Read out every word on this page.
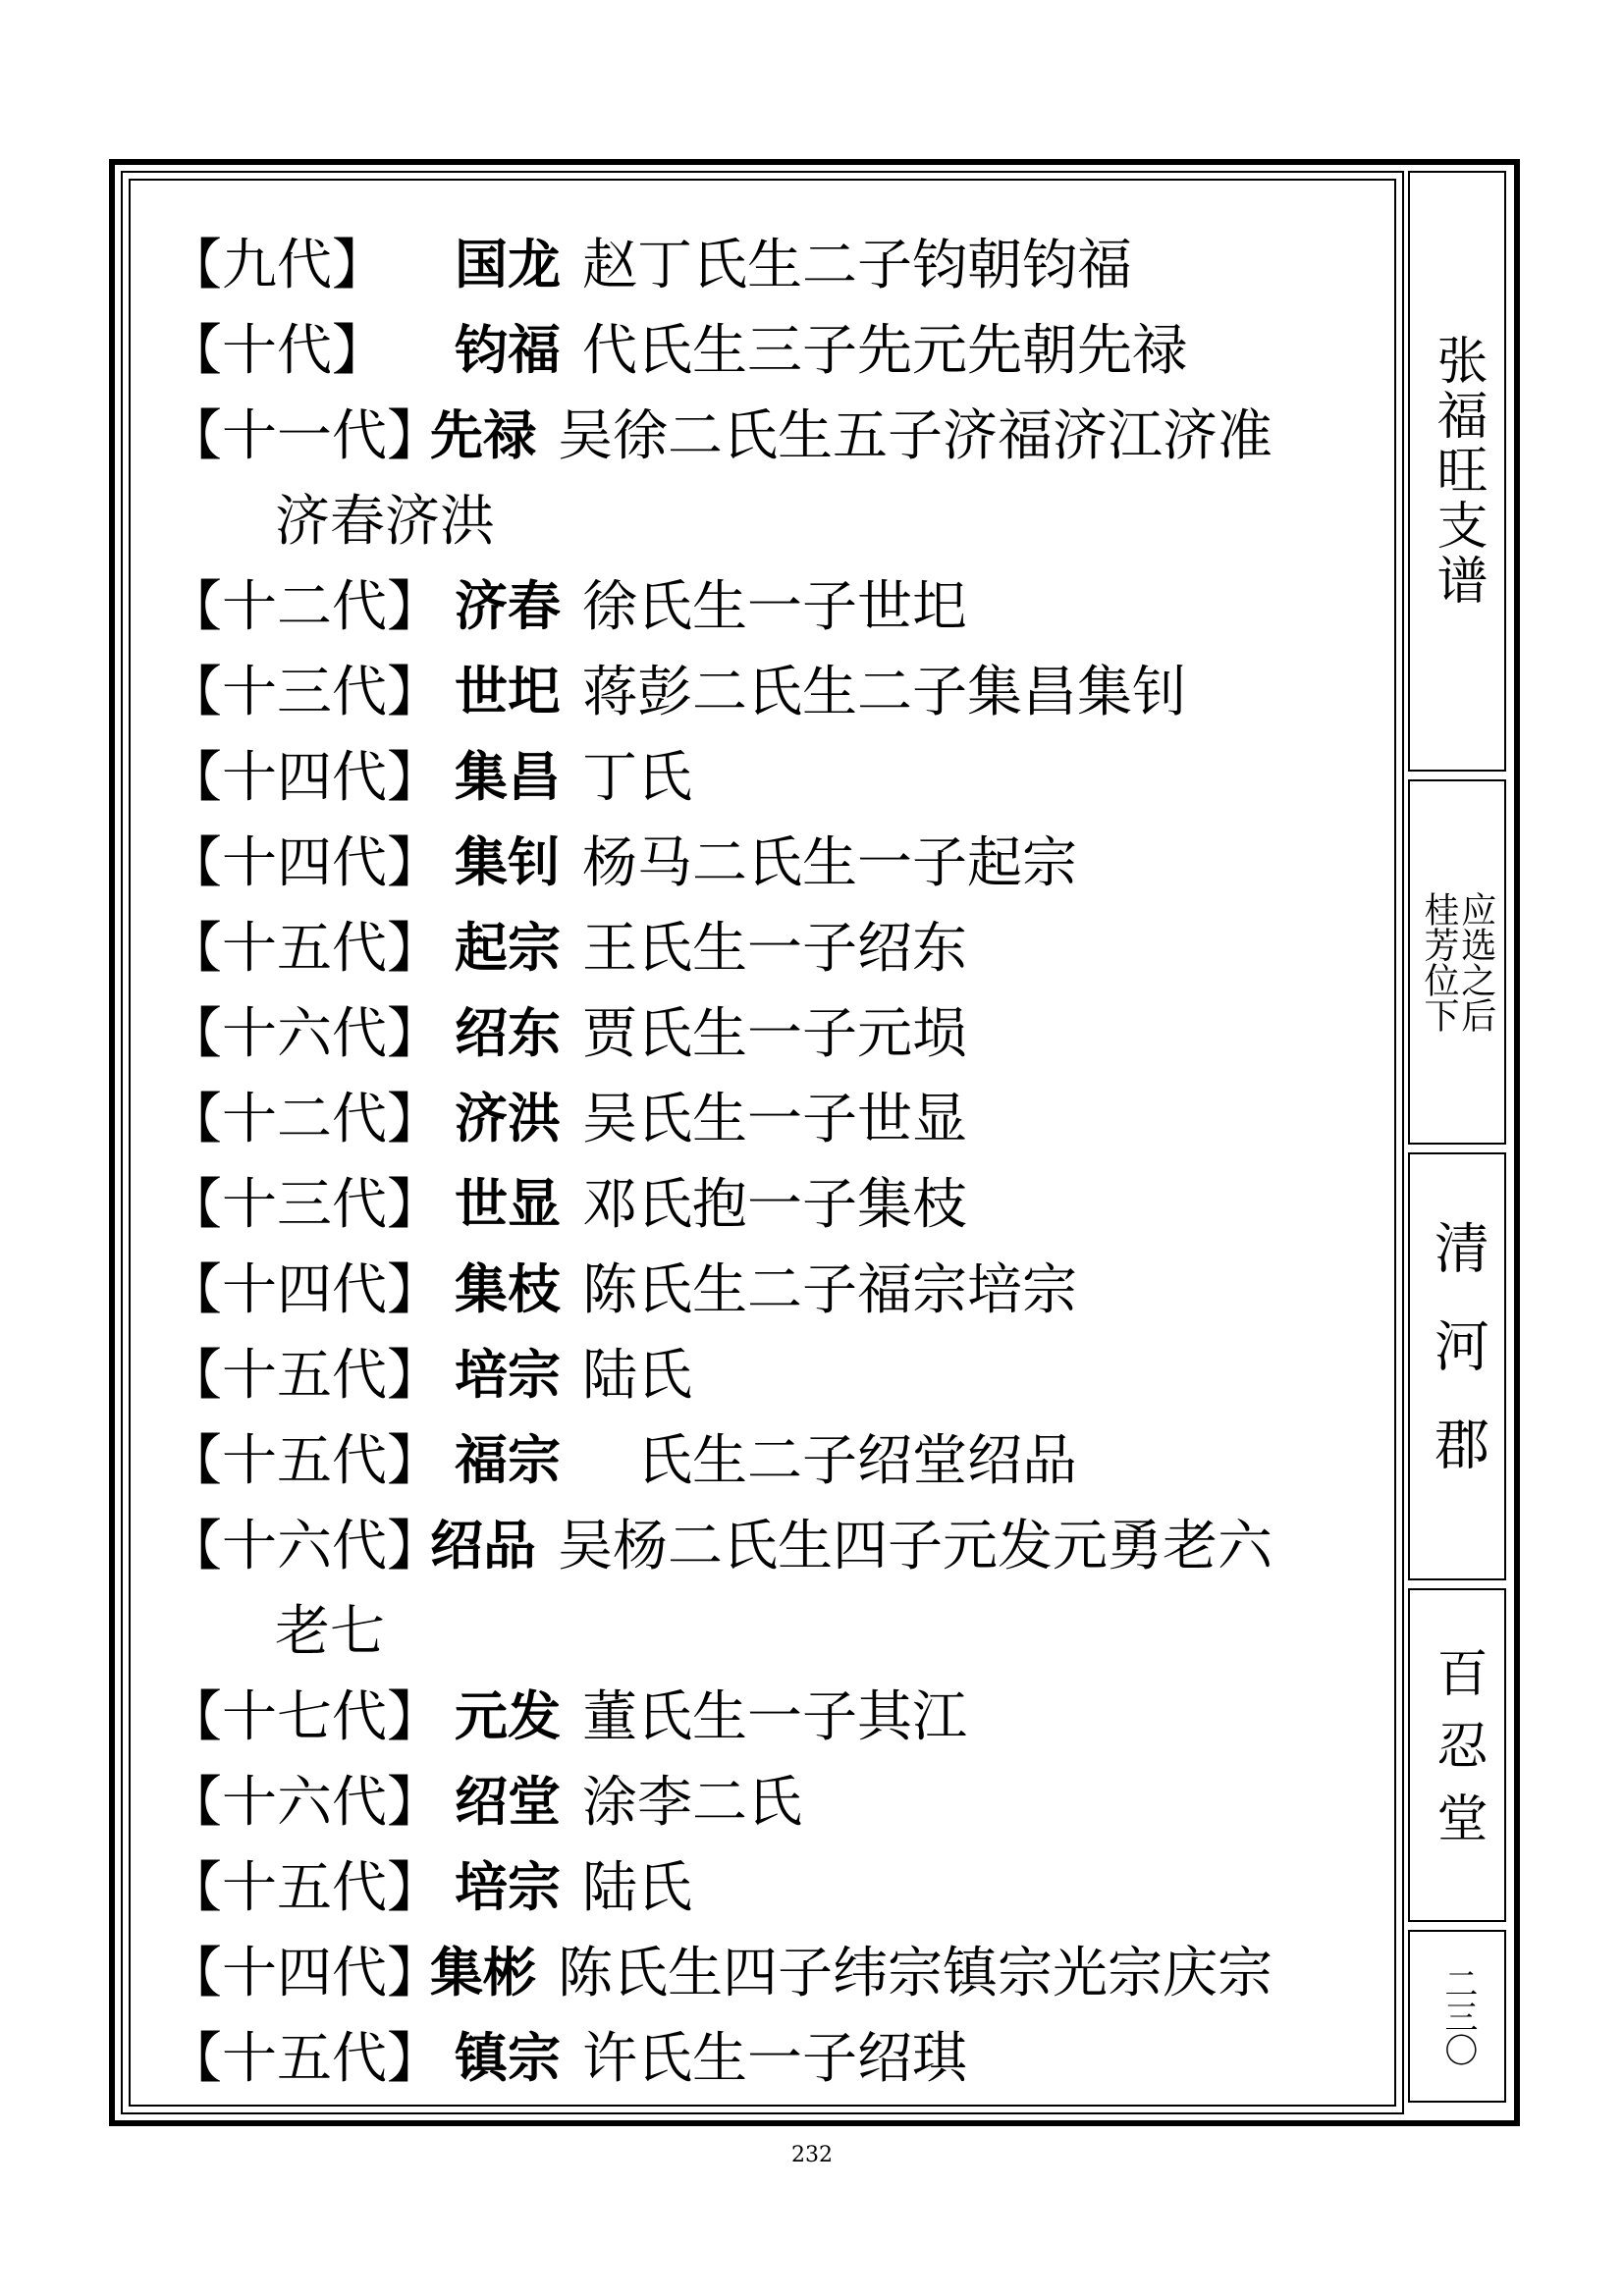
【九代】	国龙 赵丁氏生二子钧朝钧福
【十代】	钧福 代氏生三子先元先朝先禄
【十一代】
先禄 吴徐二氏生五子济福济江济准
济春济洪
【十二代】 济春 徐氏生一子世圯
【十三代】 世圯 蒋彭二氏生二子集昌集钊
【十四代】 集昌 丁氏
【十四代】 集钊 杨马二氏生一子起宗
【十五代】 起宗 王氏生一子绍东
【十六代】 绍东 贾氏生一子元埙
【十二代】 济洪 吴氏生一子世显
【十三代】 世显 邓氏抱一子集枝
【十四代】 集枝 陈氏生二子福宗培宗
【十五代】 培宗 陆氏
【十五代】 福宗 　氏生二子绍堂绍品
【十六代】
绍品 吴杨二氏生四子元发元勇老六
老七
【十七代】 元发 董氏生一子其江
【十六代】 绍堂 涂李二氏
【十五代】 培宗 陆氏
【十四代】
集彬 陈氏生四子纬宗镇宗光宗庆宗
【十五代】 镇宗 许氏生一子绍琪
张福旺支谱
桂芳位下
应选之后
清河郡
百忍堂
二三〇
232
